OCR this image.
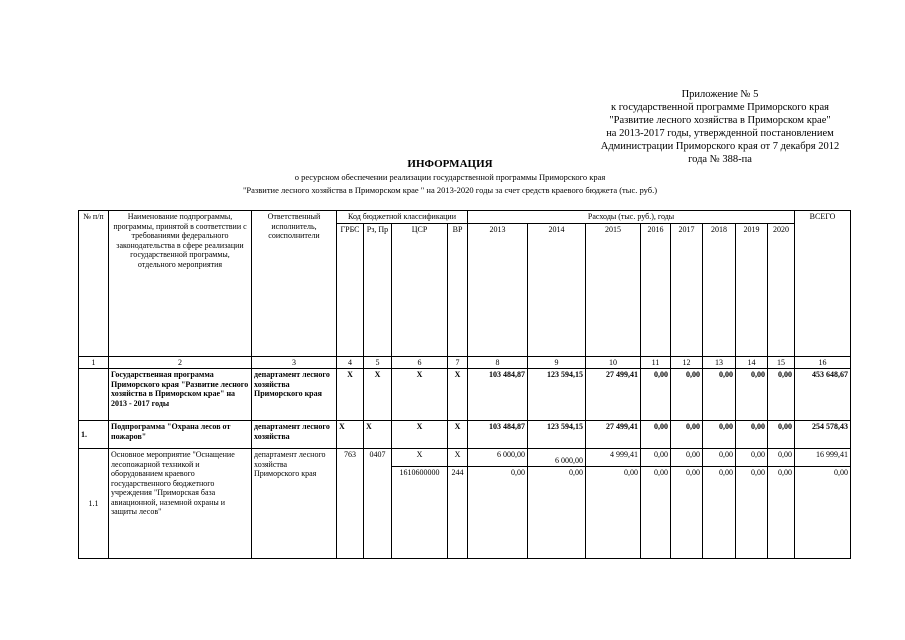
Приложение № 5
к государственной программе Приморского края
"Развитие лесного хозяйства в Приморском крае"
на 2013-2017 годы, утвержденной постановлением
Администрации Приморского края от 7 декабря 2012
года № 388-па
ИНФОРМАЦИЯ
о ресурсном обеспечении реализации государственной программы Приморского края
"Развитие лесного хозяйства в Приморском крае " на 2013-2020 годы за счет средств краевого бюджета (тыс. руб.)
№ п/п	Наименование подпрограммы, программы, принятой в соответствии с требованиями федерального законодательства в сфере реализации государственной программы, отдельного мероприятия	Ответственный исполнитель, соисполнители	Код бюджетной классификации				Расходы (тыс. руб.), годы								ВСЕГО
			ГРБС	Рз, Пр	ЦСР	ВР	2013	2014	2015	2016	2017	2018	2019	2020	
1	2	3	4	5	6	7	8	9	10	11	12	13	14	15	16
	Государственная программа Приморского края "Развитие лесного хозяйства в Приморском крае" на 2013 - 2017 годы	департамент лесного хозяйства Приморского края	Х	Х	Х	Х	103 484,87	123 594,15	27 499,41	0,00	0,00	0,00	0,00	0,00	453 648,67
1.	Подпрограмма "Охрана лесов от пожаров"	департамент лесного хозяйства	Х	Х	Х	Х	103 484,87	123 594,15	27 499,41	0,00	0,00	0,00	0,00	0,00	254 578,43
1.1	Основное мероприятие "Оснащение лесопожарной техникой и оборудованием краевого государственного бюджетного учреждения "Приморская база авиационной, наземной охраны и защиты лесов"	департамент лесного хозяйства Приморского края	763	0407	Х	Х	6 000,00	6 000,00	4 999,41	0,00	0,00	0,00	0,00	0,00	16 999,41
					1610600000	244	0,00	0,00	0,00	0,00	0,00	0,00	0,00	0,00	0,00
